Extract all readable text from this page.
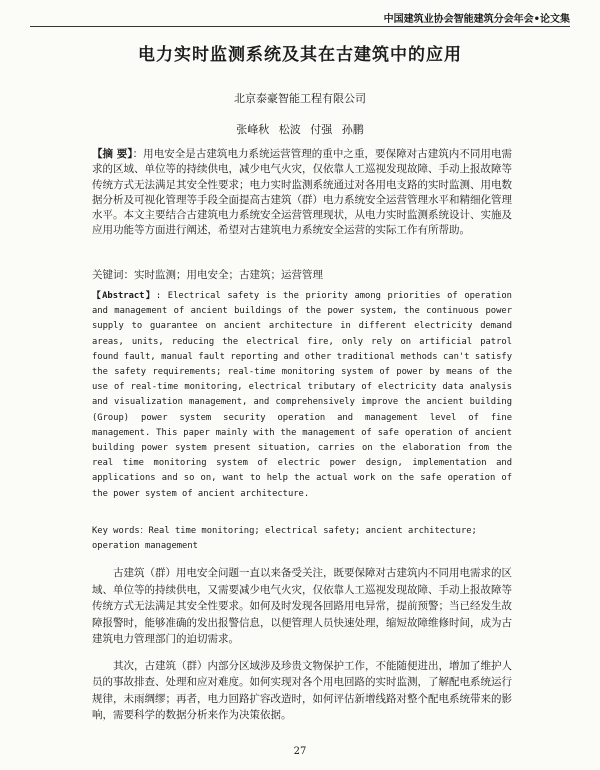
中国建筑业协会智能建筑分会年会•论文集
电力实时监测系统及其在古建筑中的应用
北京泰豪智能工程有限公司
张峰秋 松波 付强 孙鹏
【摘 要】：用电安全是古建筑电力系统运营管理的重中之重，要保障对古建筑内不同用电需求的区域、单位等的持续供电，减少电气火灾，仅依靠人工巡视发现故障、手动上报故障等传统方式无法满足其安全性要求；电力实时监测系统通过对各用电支路的实时监测、用电数据分析及可视化管理等手段全面提高古建筑（群）电力系统安全运营管理水平和精细化管理水平。本文主要结合古建筑电力系统安全运营管理现状，从电力实时监测系统设计、实施及应用功能等方面进行阐述，希望对古建筑电力系统安全运营的实际工作有所帮助。
关键词：实时监测；用电安全；古建筑；运营管理
【Abstract】: Electrical safety is the priority among priorities of operation and management of ancient buildings of the power system, the continuous power supply to guarantee on ancient architecture in different electricity demand areas, units, reducing the electrical fire, only rely on artificial patrol found fault, manual fault reporting and other traditional methods can't satisfy the safety requirements; real-time monitoring system of power by means of the use of real-time monitoring, electrical tributary of electricity data analysis and visualization management, and comprehensively improve the ancient building (Group) power system security operation and management level of fine management. This paper mainly with the management of safe operation of ancient building power system present situation, carries on the elaboration from the real time monitoring system of electric power design, implementation and applications and so on, want to help the actual work on the safe operation of the power system of ancient architecture.
Key words：Real time monitoring; electrical safety; ancient architecture; operation management

古建筑（群）用电安全问题一直以来备受关注，既要保障对古建筑内不同用电需求的区域、单位等的持续供电，又需要减少电气火灾，仅依靠人工巡视发现故障、手动上报故障等传统方式无法满足其安全性要求。如何及时发现各回路用电异常，提前预警；当已经发生故障报警时，能够准确的发出报警信息，以便管理人员快速处理，缩短故障维修时间，成为古建筑电力管理部门的迫切需求。

其次，古建筑（群）内部分区域涉及珍贵文物保护工作，不能随便进出，增加了维护人员的事故排查、处理和应对难度。如何实现对各个用电回路的实时监测，了解配电系统运行规律，未雨绸缪；再者，电力回路扩容改造时，如何评估新增线路对整个配电系统带来的影响，需要科学的数据分析来作为决策依据。

27
